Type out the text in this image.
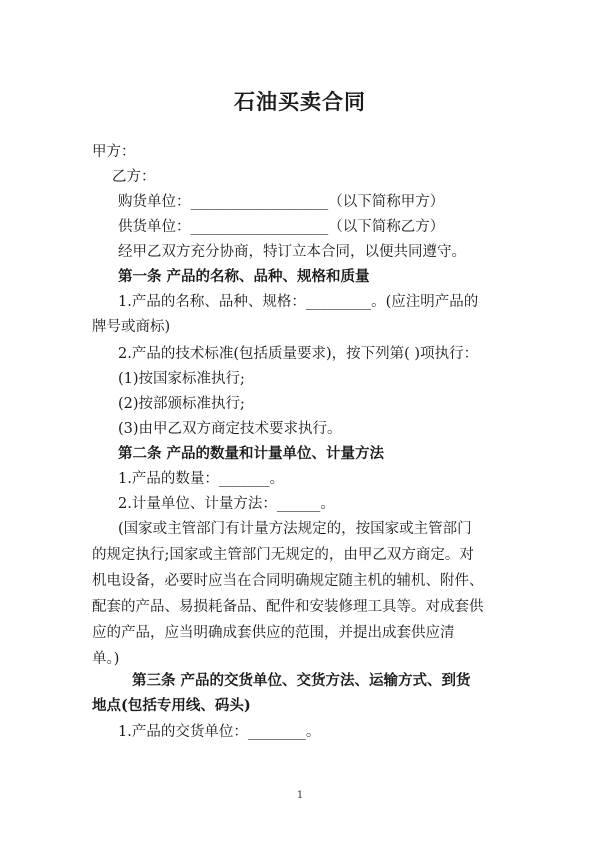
石油买卖合同
甲方：
乙方：
购货单位：___________________（以下简称甲方）
供货单位：___________________（以下简称乙方）
经甲乙双方充分协商，特订立本合同，以便共同遵守。
第一条 产品的名称、品种、规格和质量
1.产品的名称、品种、规格：_________。(应注明产品的
牌号或商标)
2.产品的技术标准(包括质量要求)，按下列第( )项执行：
(1)按国家标准执行;
(2)按部颁标准执行;
(3)由甲乙双方商定技术要求执行。
第二条 产品的数量和计量单位、计量方法
1.产品的数量：_______。
2.计量单位、计量方法：______。
(国家或主管部门有计量方法规定的，按国家或主管部门
的规定执行;国家或主管部门无规定的，由甲乙双方商定。对
机电设备，必要时应当在合同明确规定随主机的辅机、附件、
配套的产品、易损耗备品、配件和安装修理工具等。对成套供
应的产品，应当明确成套供应的范围，并提出成套供应清
单。)
第三条 产品的交货单位、交货方法、运输方式、到货
地点(包括专用线、码头)
1.产品的交货单位：________。
1
